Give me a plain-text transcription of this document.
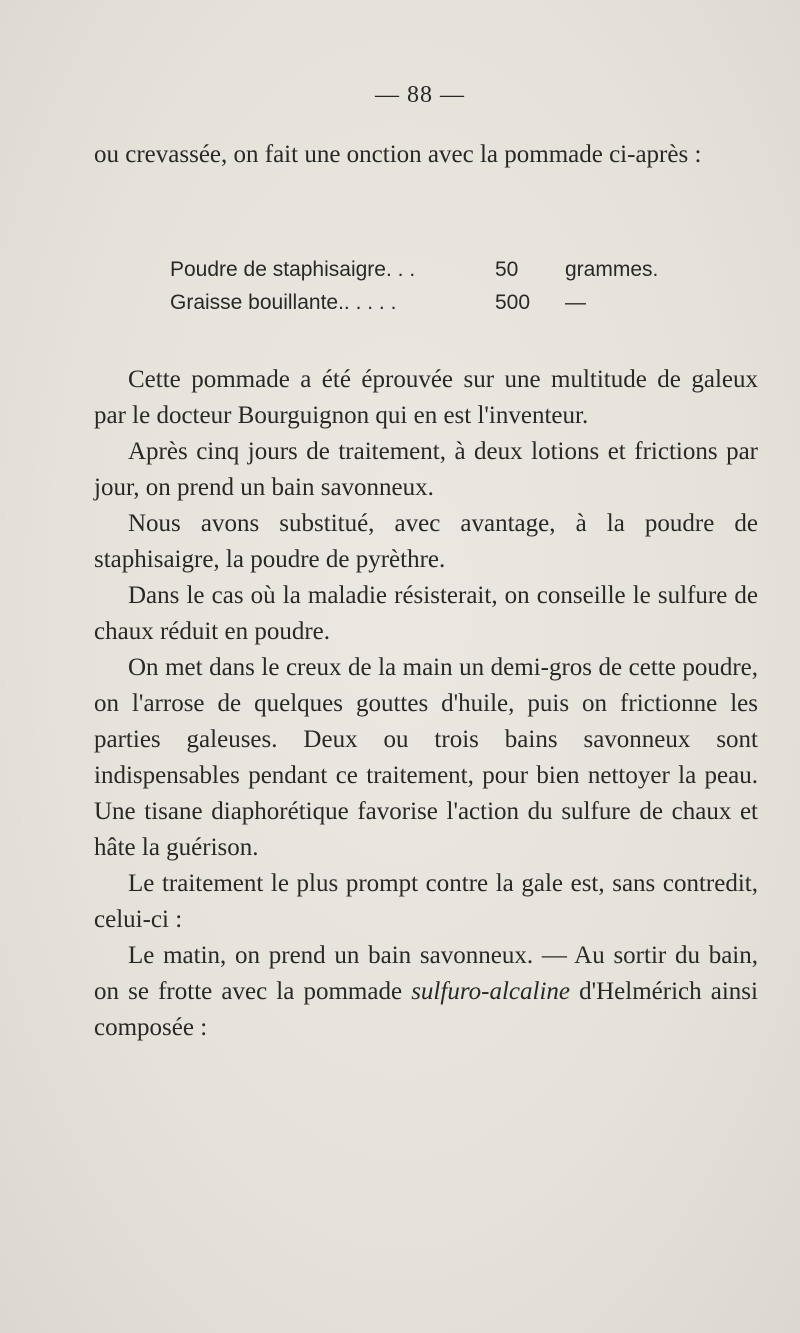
— 88 —

ou crevassée, on fait une onction avec la pommade ci-après :

Poudre de staphisaigre. . .	50	grammes.
Graisse bouillante.. . . . .	500	—

Cette pommade a été éprouvée sur une multitude de galeux par le docteur Bourguignon qui en est l'inventeur.

Après cinq jours de traitement, à deux lotions et frictions par jour, on prend un bain savonneux.

Nous avons substitué, avec avantage, à la poudre de staphisaigre, la poudre de pyrèthre.

Dans le cas où la maladie résisterait, on conseille le sulfure de chaux réduit en poudre.

On met dans le creux de la main un demi-gros de cette poudre, on l'arrose de quelques gouttes d'huile, puis on frictionne les parties galeuses. Deux ou trois bains savonneux sont indispensables pendant ce traitement, pour bien nettoyer la peau. Une tisane diaphorétique favorise l'action du sulfure de chaux et hâte la guérison.

Le traitement le plus prompt contre la gale est, sans contredit, celui-ci :

Le matin, on prend un bain savonneux. — Au sortir du bain, on se frotte avec la pommade sulfuro-alcaline d'Helmérich ainsi composée :
